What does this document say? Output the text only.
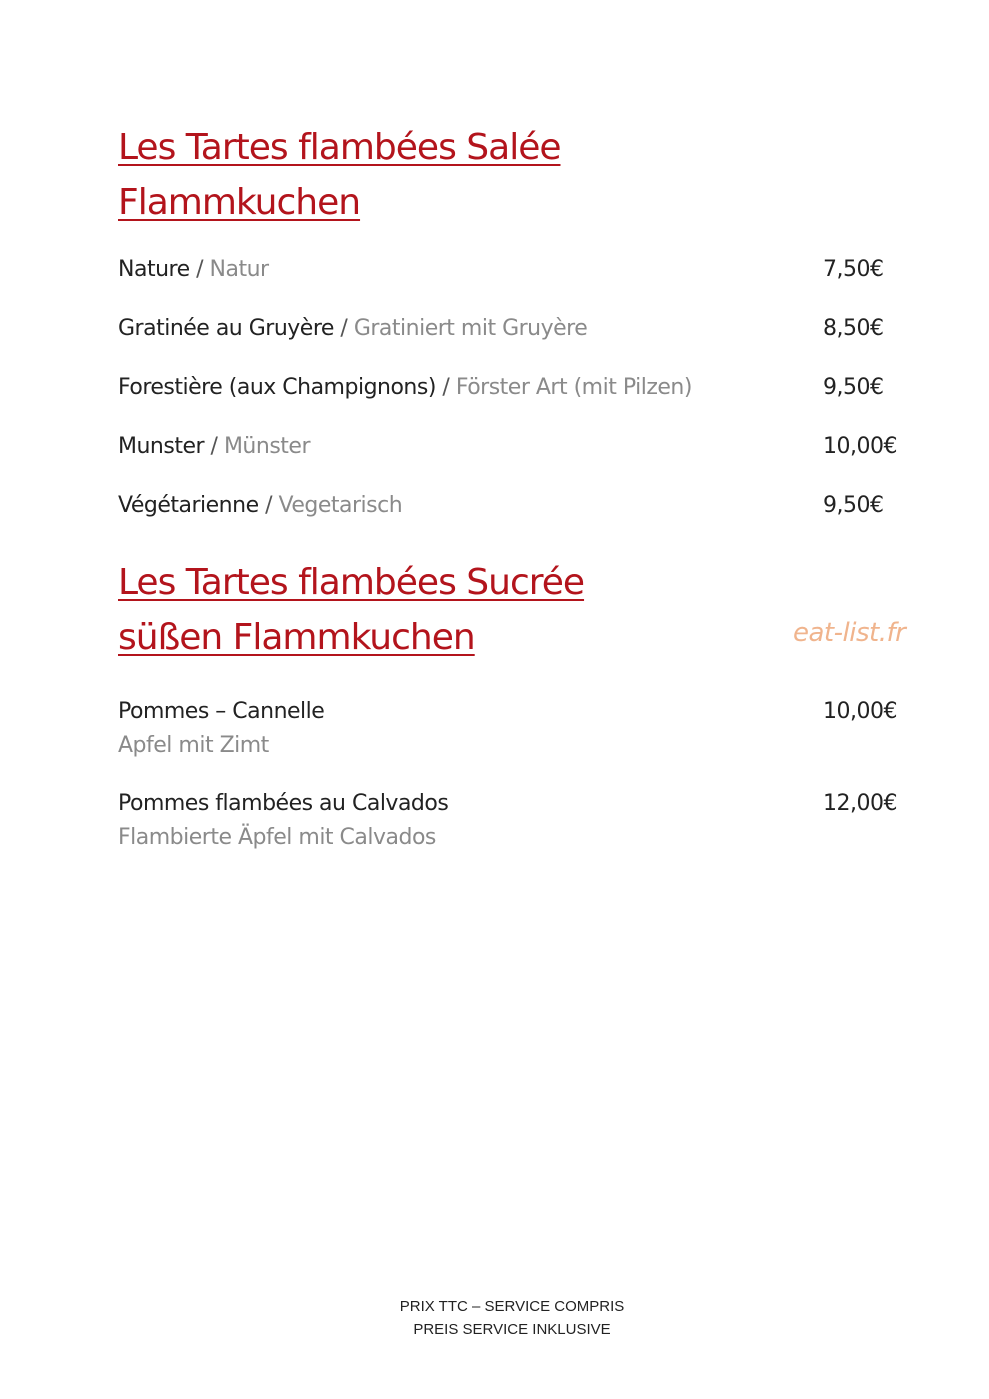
Les Tartes flambées Salée
Flammkuchen
Nature / Natur	7,50€
Gratinée au Gruyère / Gratiniert mit Gruyère	8,50€
Forestière (aux Champignons) / Förster Art (mit Pilzen)	9,50€
Munster / Münster	10,00€
Végétarienne / Vegetarisch	9,50€
Les Tartes flambées Sucrée
süßen Flammkuchen	eat-list.fr
Pommes – Cannelle
Apfel mit Zimt
10,00€
Pommes flambées au Calvados
Flambierte Äpfel mit Calvados
12,00€
PRIX TTC – SERVICE COMPRIS
PREIS SERVICE INKLUSIVE
